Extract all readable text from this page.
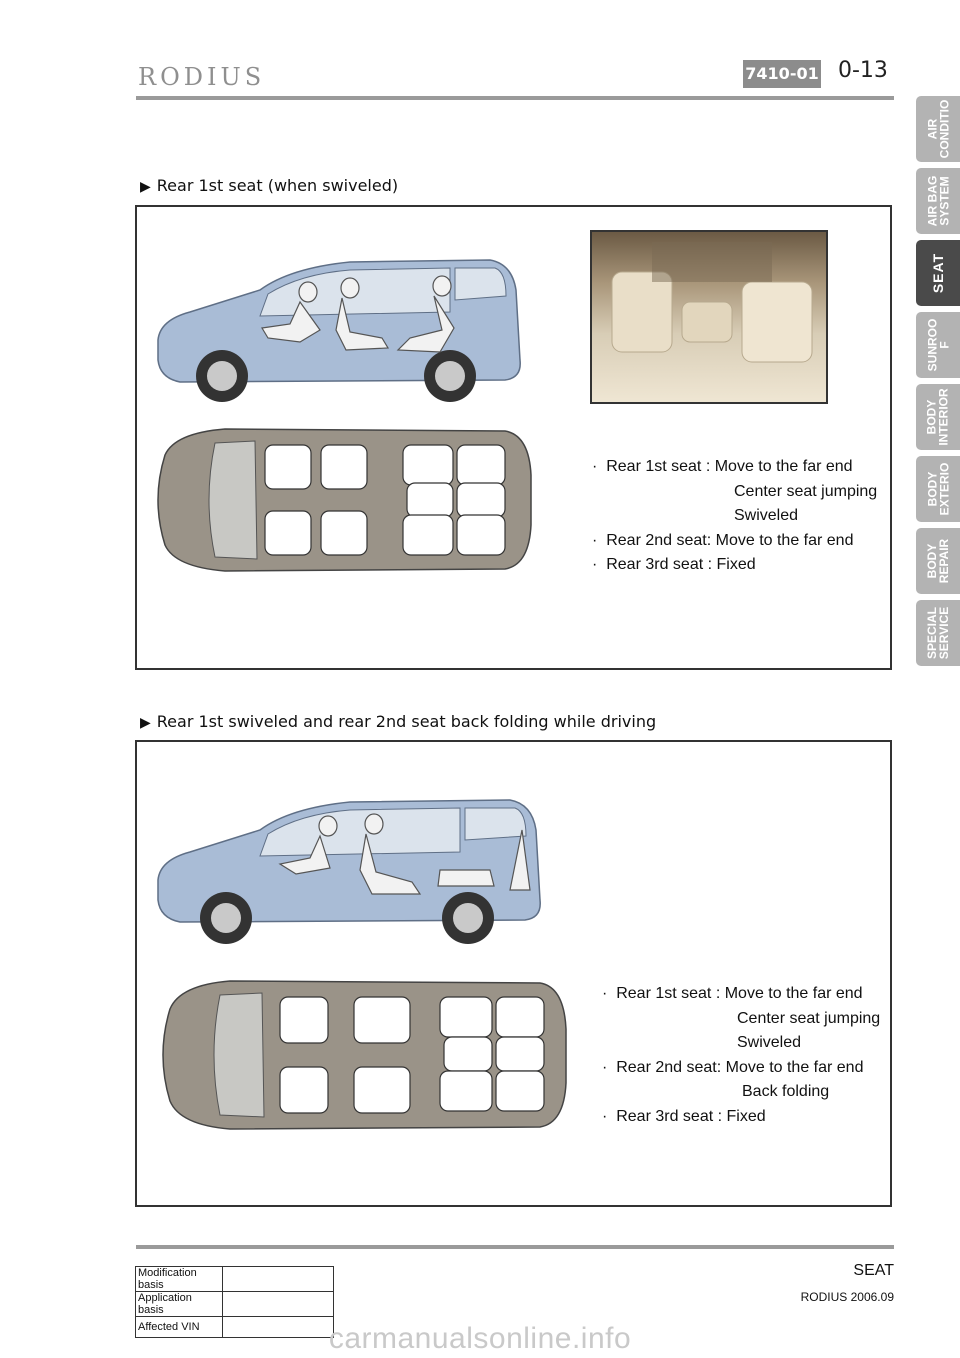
RODIUS	7410-01 0-13
AIR
CONDITIO
AIR BAG
SYSTEM
SEAT
SUNROO
F
BODY
INTERIOR
BODY
EXTERIO
BODY
REPAIR
SPECIAL
SERVICE
▶ Rear 1st seat (when swiveled)
·  Rear 1st seat : Move to the far end
Center seat jumping
Swiveled
·  Rear 2nd seat: Move to the far end
·  Rear 3rd seat : Fixed
▶ Rear 1st swiveled and rear 2nd seat back folding while driving
·  Rear 1st seat : Move to the far end
Center seat jumping
Swiveled
·  Rear 2nd seat: Move to the far end
Back folding
·  Rear 3rd seat : Fixed
SEAT
RODIUS 2006.09
Modification basis	
Application basis	
Affected VIN		carmanualsonline.info
